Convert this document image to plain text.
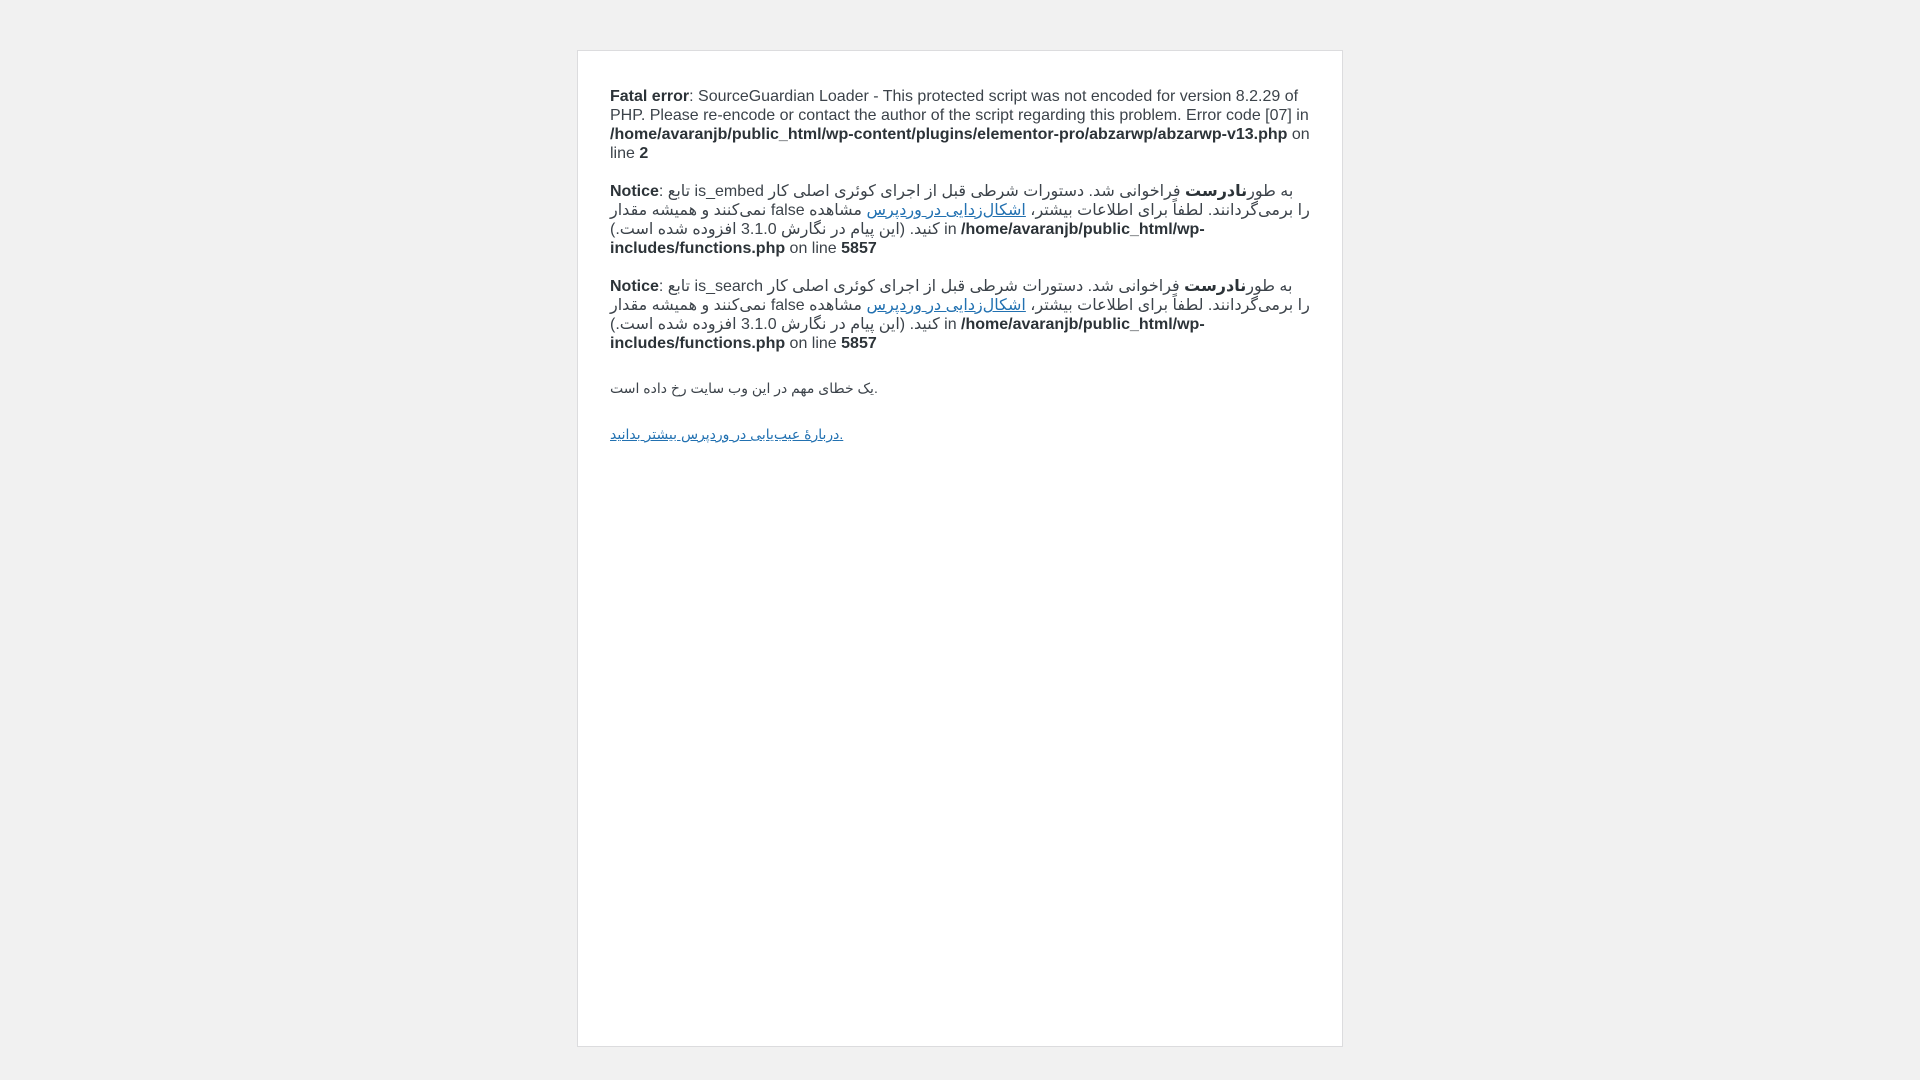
Fatal error: SourceGuardian Loader - This protected script was not encoded for version 8.2.29 of PHP. Please re-encode or contact the author of the script regarding this problem. Error code [07] in /home/avaranjb/public_html/wp-content/plugins/elementor-pro/abzarwp/abzarwp-v13.php on line 2

Notice: تابع is_embed به طورنادرست فراخوانی شد. دستورات شرطی قبل از اجرای کوئری اصلی کار نمی‌کنند و همیشه مقدار false را برمی‌گردانند. لطفاً برای اطلاعات بیشتر، اشکال‌زدایی در وردپرس مشاهده کنید. (این پیام در نگارش 3.1.0 افزوده شده است.) in /home/avaranjb/public_html/wp-includes/functions.php on line 5857

Notice: تابع is_search به طورنادرست فراخوانی شد. دستورات شرطی قبل از اجرای کوئری اصلی کار نمی‌کنند و همیشه مقدار false را برمی‌گردانند. لطفاً برای اطلاعات بیشتر، اشکال‌زدایی در وردپرس مشاهده کنید. (این پیام در نگارش 3.1.0 افزوده شده است.) in /home/avaranjb/public_html/wp-includes/functions.php on line 5857

یک خطای مهم در این وب سایت رخ داده است.

دربارهٔ عیب‌یابی در وردپرس بیشتر بدانید.
